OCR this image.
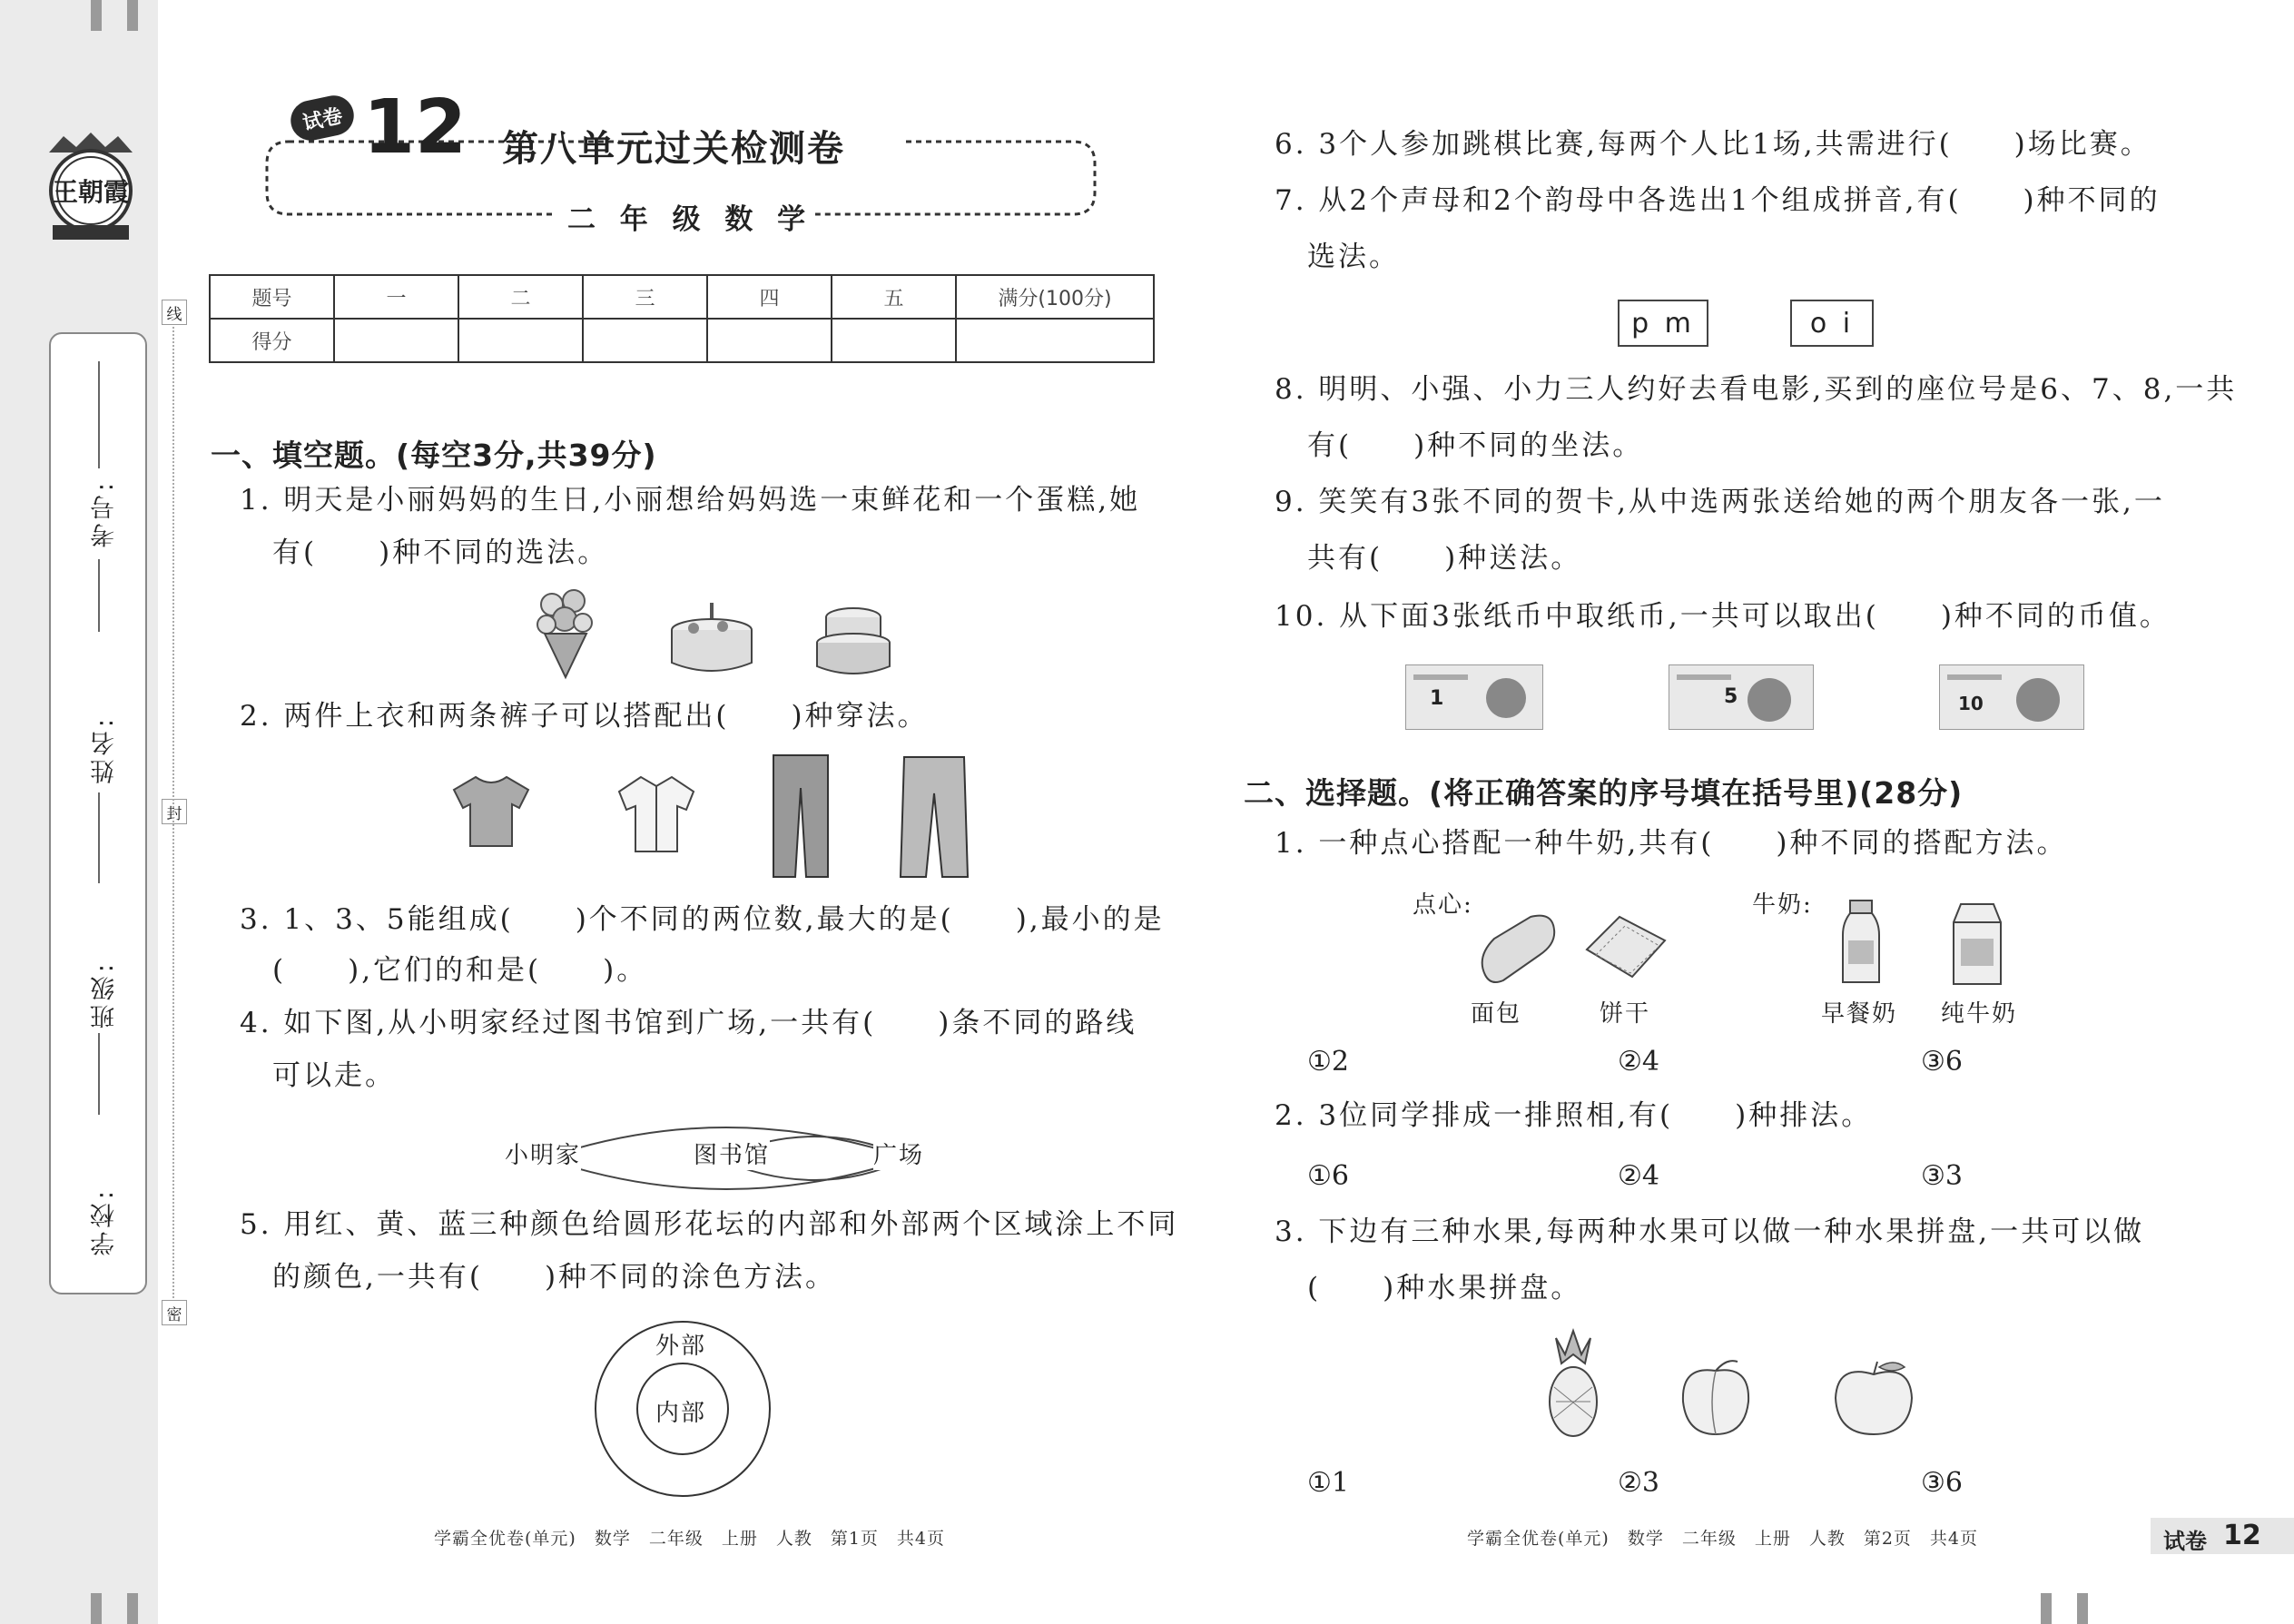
王朝霞
线
封
密
考号:
姓名:
班级:
学校:
试卷 12 第八单元过关检测卷
二 年 级 数 学
题号	一	二	三	四	五	满分(100分)
得分						
一、填空题。(每空3分,共39分)
1. 明天是小丽妈妈的生日,小丽想给妈妈选一束鲜花和一个蛋糕,她
有(　　)种不同的选法。
2. 两件上衣和两条裤子可以搭配出(　　)种穿法。
3. 1、3、5能组成(　　)个不同的两位数,最大的是(　　),最小的是
(　　),它们的和是(　　)。
4. 如下图,从小明家经过图书馆到广场,一共有(　　)条不同的路线
可以走。
小明家	图书馆	广场
5. 用红、黄、蓝三种颜色给圆形花坛的内部和外部两个区域涂上不同
的颜色,一共有(　　)种不同的涂色方法。
外部
内部
学霸全优卷(单元)　数学　二年级　上册　人教　第1页　共4页
6. 3个人参加跳棋比赛,每两个人比1场,共需进行(　　)场比赛。
7. 从2个声母和2个韵母中各选出1个组成拼音,有(　　)种不同的
选法。
p m	o i
8. 明明、小强、小力三人约好去看电影,买到的座位号是6、7、8,一共
有(　　)种不同的坐法。
9. 笑笑有3张不同的贺卡,从中选两张送给她的两个朋友各一张,一
共有(　　)种送法。
10. 从下面3张纸币中取纸币,一共可以取出(　　)种不同的币值。
1	5	10
二、选择题。(将正确答案的序号填在括号里)(28分)
1. 一种点心搭配一种牛奶,共有(　　)种不同的搭配方法。
点心:	牛奶:
面包	饼干	早餐奶 纯牛奶
①2	②4	③6
2. 3位同学排成一排照相,有(　　)种排法。
①6	②4	③3
3. 下边有三种水果,每两种水果可以做一种水果拼盘,一共可以做
(　　)种水果拼盘。
①1	②3	③6
学霸全优卷(单元)　数学　二年级　上册　人教　第2页　共4页	试卷 12
